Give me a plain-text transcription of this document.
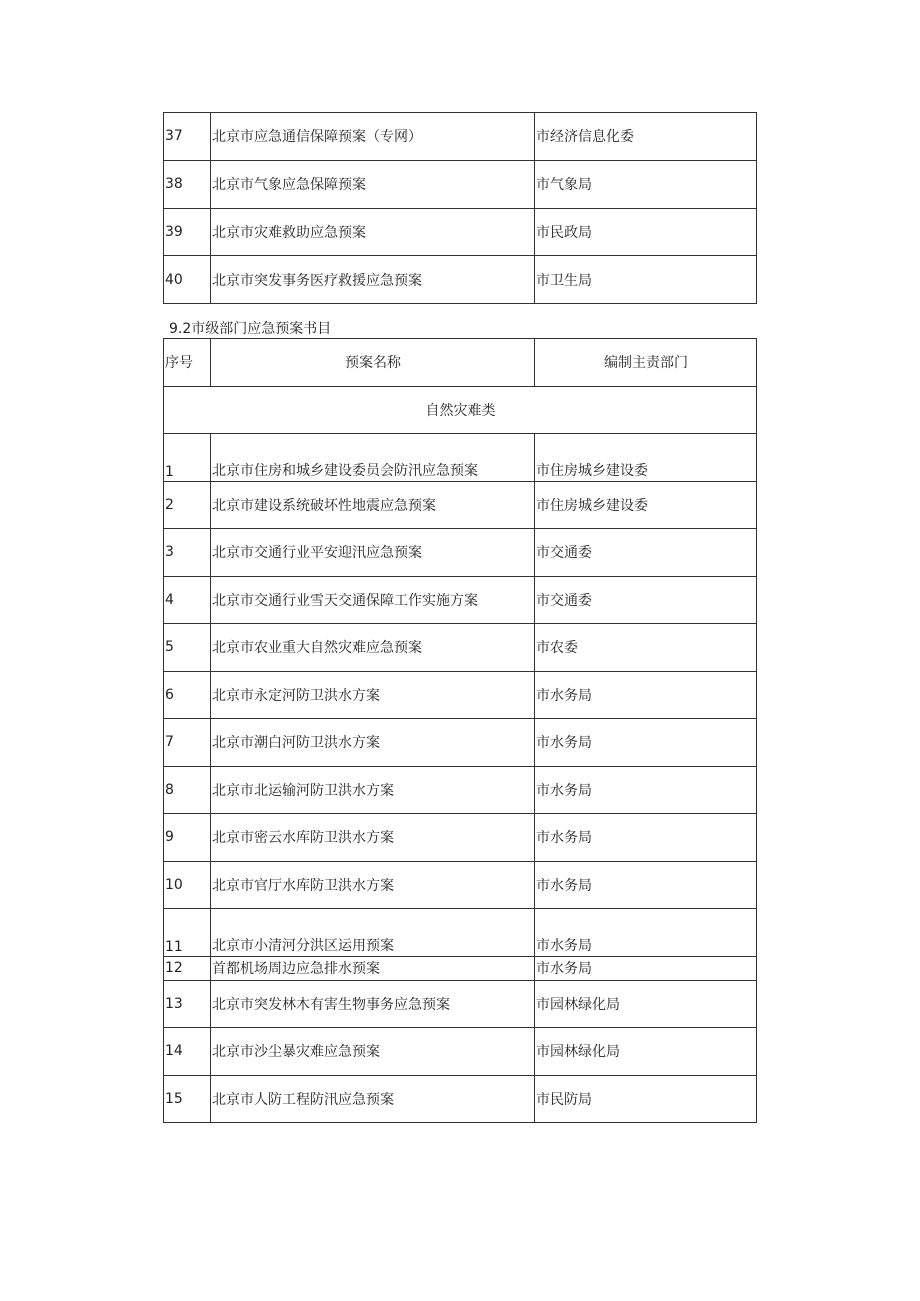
37	北京市应急通信保障预案（专网）	市经济信息化委
38	北京市气象应急保障预案	市气象局
39	北京市灾难救助应急预案	市民政局
40	北京市突发事务医疗救援应急预案	市卫生局
9.2市级部门应急预案书目
序号	预案名称	编制主责部门
自然灾难类		
1	北京市住房和城乡建设委员会防汛应急预案	市住房城乡建设委
2	北京市建设系统破坏性地震应急预案	市住房城乡建设委
3	北京市交通行业平安迎汛应急预案	市交通委
4	北京市交通行业雪天交通保障工作实施方案	市交通委
5	北京市农业重大自然灾难应急预案	市农委
6	北京市永定河防卫洪水方案	市水务局
7	北京市潮白河防卫洪水方案	市水务局
8	北京市北运输河防卫洪水方案	市水务局
9	北京市密云水库防卫洪水方案	市水务局
10	北京市官厅水库防卫洪水方案	市水务局
11	北京市小清河分洪区运用预案	市水务局
12	首都机场周边应急排水预案	市水务局
13	北京市突发林木有害生物事务应急预案	市园林绿化局
14	北京市沙尘暴灾难应急预案	市园林绿化局
15	北京市人防工程防汛应急预案	市民防局
